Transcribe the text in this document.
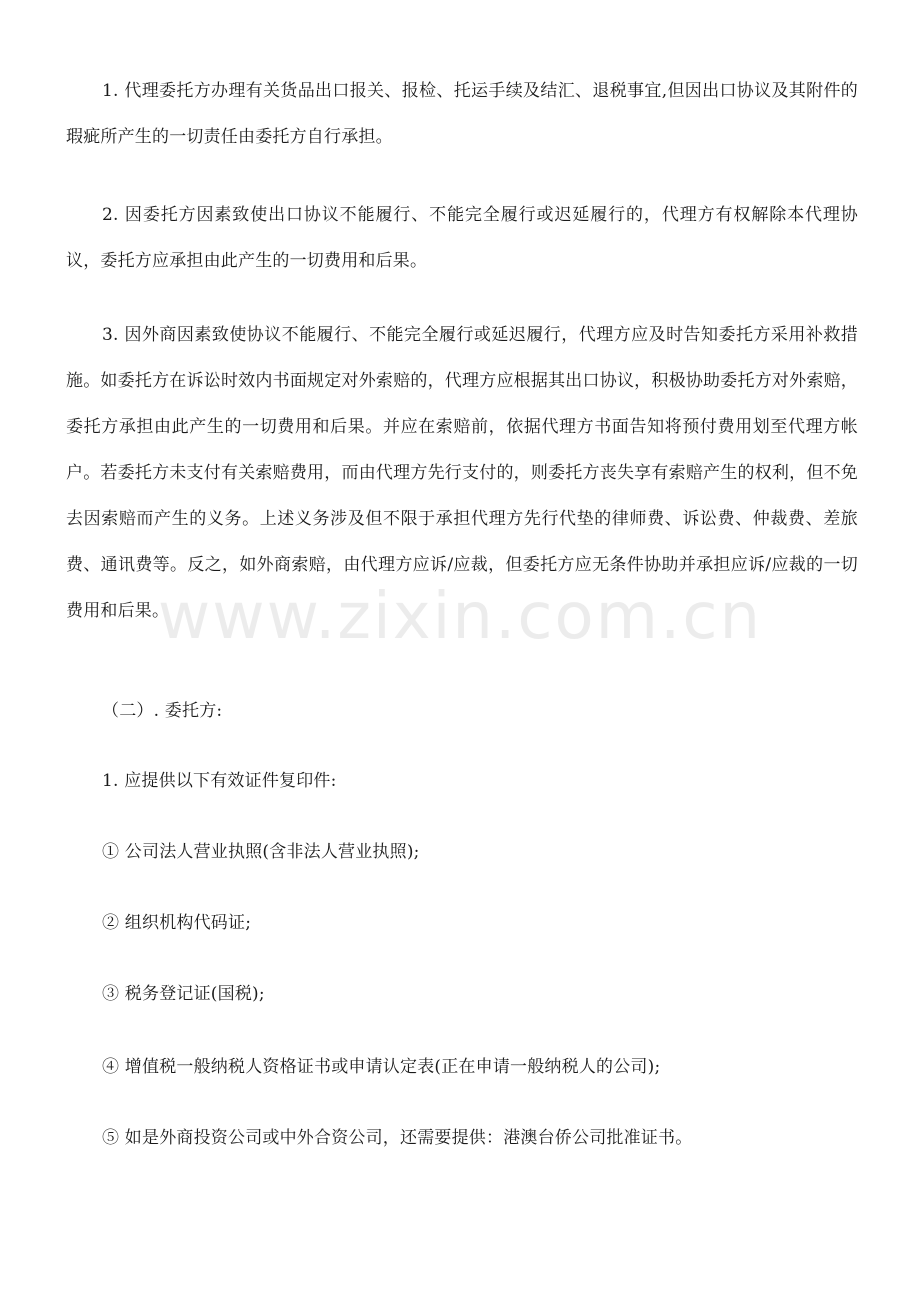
1. 代理委托方办理有关货品出口报关、报检、托运手续及结汇、退税事宜,但因出口协议及其附件的瑕疵所产生的一切责任由委托方自行承担。

2. 因委托方因素致使出口协议不能履行、不能完全履行或迟延履行的，代理方有权解除本代理协议，委托方应承担由此产生的一切费用和后果。

3. 因外商因素致使协议不能履行、不能完全履行或延迟履行，代理方应及时告知委托方采用补救措施。如委托方在诉讼时效内书面规定对外索赔的，代理方应根据其出口协议，积极协助委托方对外索赔，委托方承担由此产生的一切费用和后果。并应在索赔前，依据代理方书面告知将预付费用划至代理方帐户。若委托方未支付有关索赔费用，而由代理方先行支付的，则委托方丧失享有索赔产生的权利，但不免去因索赔而产生的义务。上述义务涉及但不限于承担代理方先行代垫的律师费、诉讼费、仲裁费、差旅费、通讯费等。反之，如外商索赔，由代理方应诉/应裁，但委托方应无条件协助并承担应诉/应裁的一切费用和后果。

（二）. 委托方:

1. 应提供以下有效证件复印件:

① 公司法人营业执照(含非法人营业执照);

② 组织机构代码证;

③ 税务登记证(国税);

④ 增值税一般纳税人资格证书或申请认定表(正在申请一般纳税人的公司);

⑤ 如是外商投资公司或中外合资公司，还需要提供：港澳台侨公司批准证书。

www.zixin.com.cn
